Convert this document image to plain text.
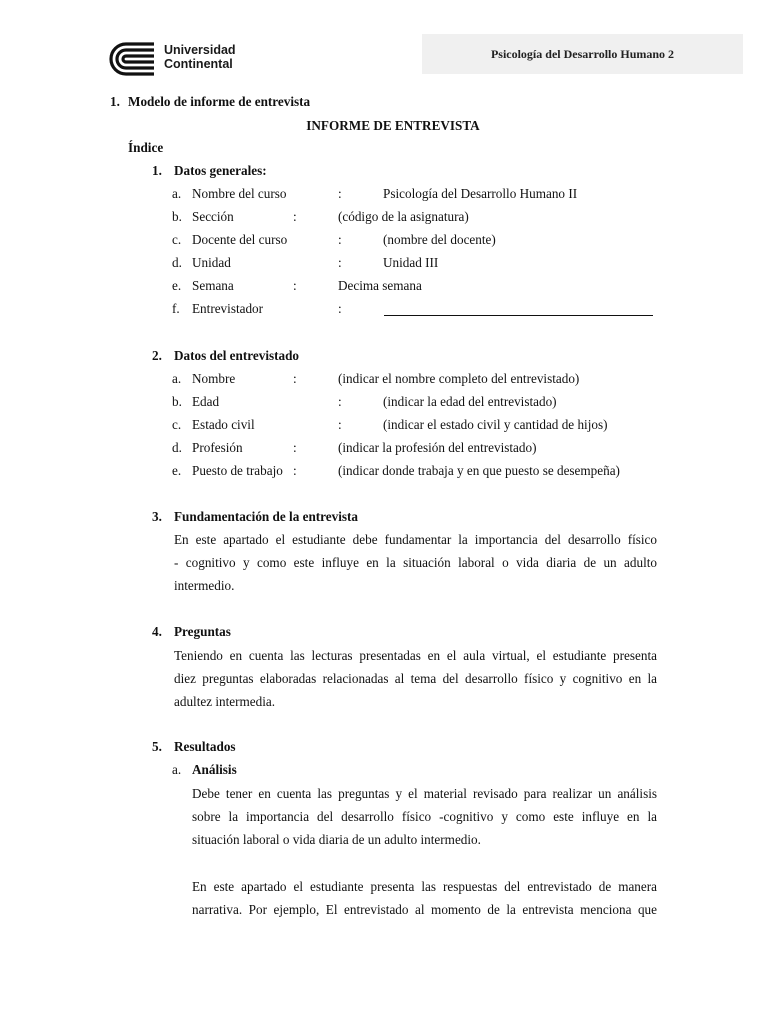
Universidad
Continental
Psicología del Desarrollo Humano 2
1. Modelo de informe de entrevista
INFORME DE ENTREVISTA
Índice
1. Datos generales:
a. Nombre del curso	:	Psicología del Desarrollo Humano II
b. Sección	:	(código de la asignatura)
c. Docente del curso	:	(nombre del docente)
d. Unidad	:	Unidad III
e. Semana	:	Decima semana
f. Entrevistador	:
2. Datos del entrevistado
a. Nombre	:	(indicar el nombre completo del entrevistado)
b. Edad	:	(indicar la edad del entrevistado)
c. Estado civil	:	(indicar el estado civil y cantidad de hijos)
d. Profesión	:	(indicar la profesión del entrevistado)
e. Puesto de trabajo :	(indicar donde trabaja y en que puesto se desempeña)
3. Fundamentación de la entrevista
En este apartado el estudiante debe fundamentar la importancia del desarrollo físico
- cognitivo y como este influye en la situación laboral o vida diaria de un adulto
intermedio.
4. Preguntas
Teniendo en cuenta las lecturas presentadas en el aula virtual, el estudiante presenta
diez preguntas elaboradas relacionadas al tema del desarrollo físico y cognitivo en la
adultez intermedia.
5. Resultados
a. Análisis
Debe tener en cuenta las preguntas y el material revisado para realizar un análisis
sobre la importancia del desarrollo físico -cognitivo y como este influye en la
situación laboral o vida diaria de un adulto intermedio.
En este apartado el estudiante presenta las respuestas del entrevistado de manera
narrativa. Por ejemplo, El entrevistado al momento de la entrevista menciona que
